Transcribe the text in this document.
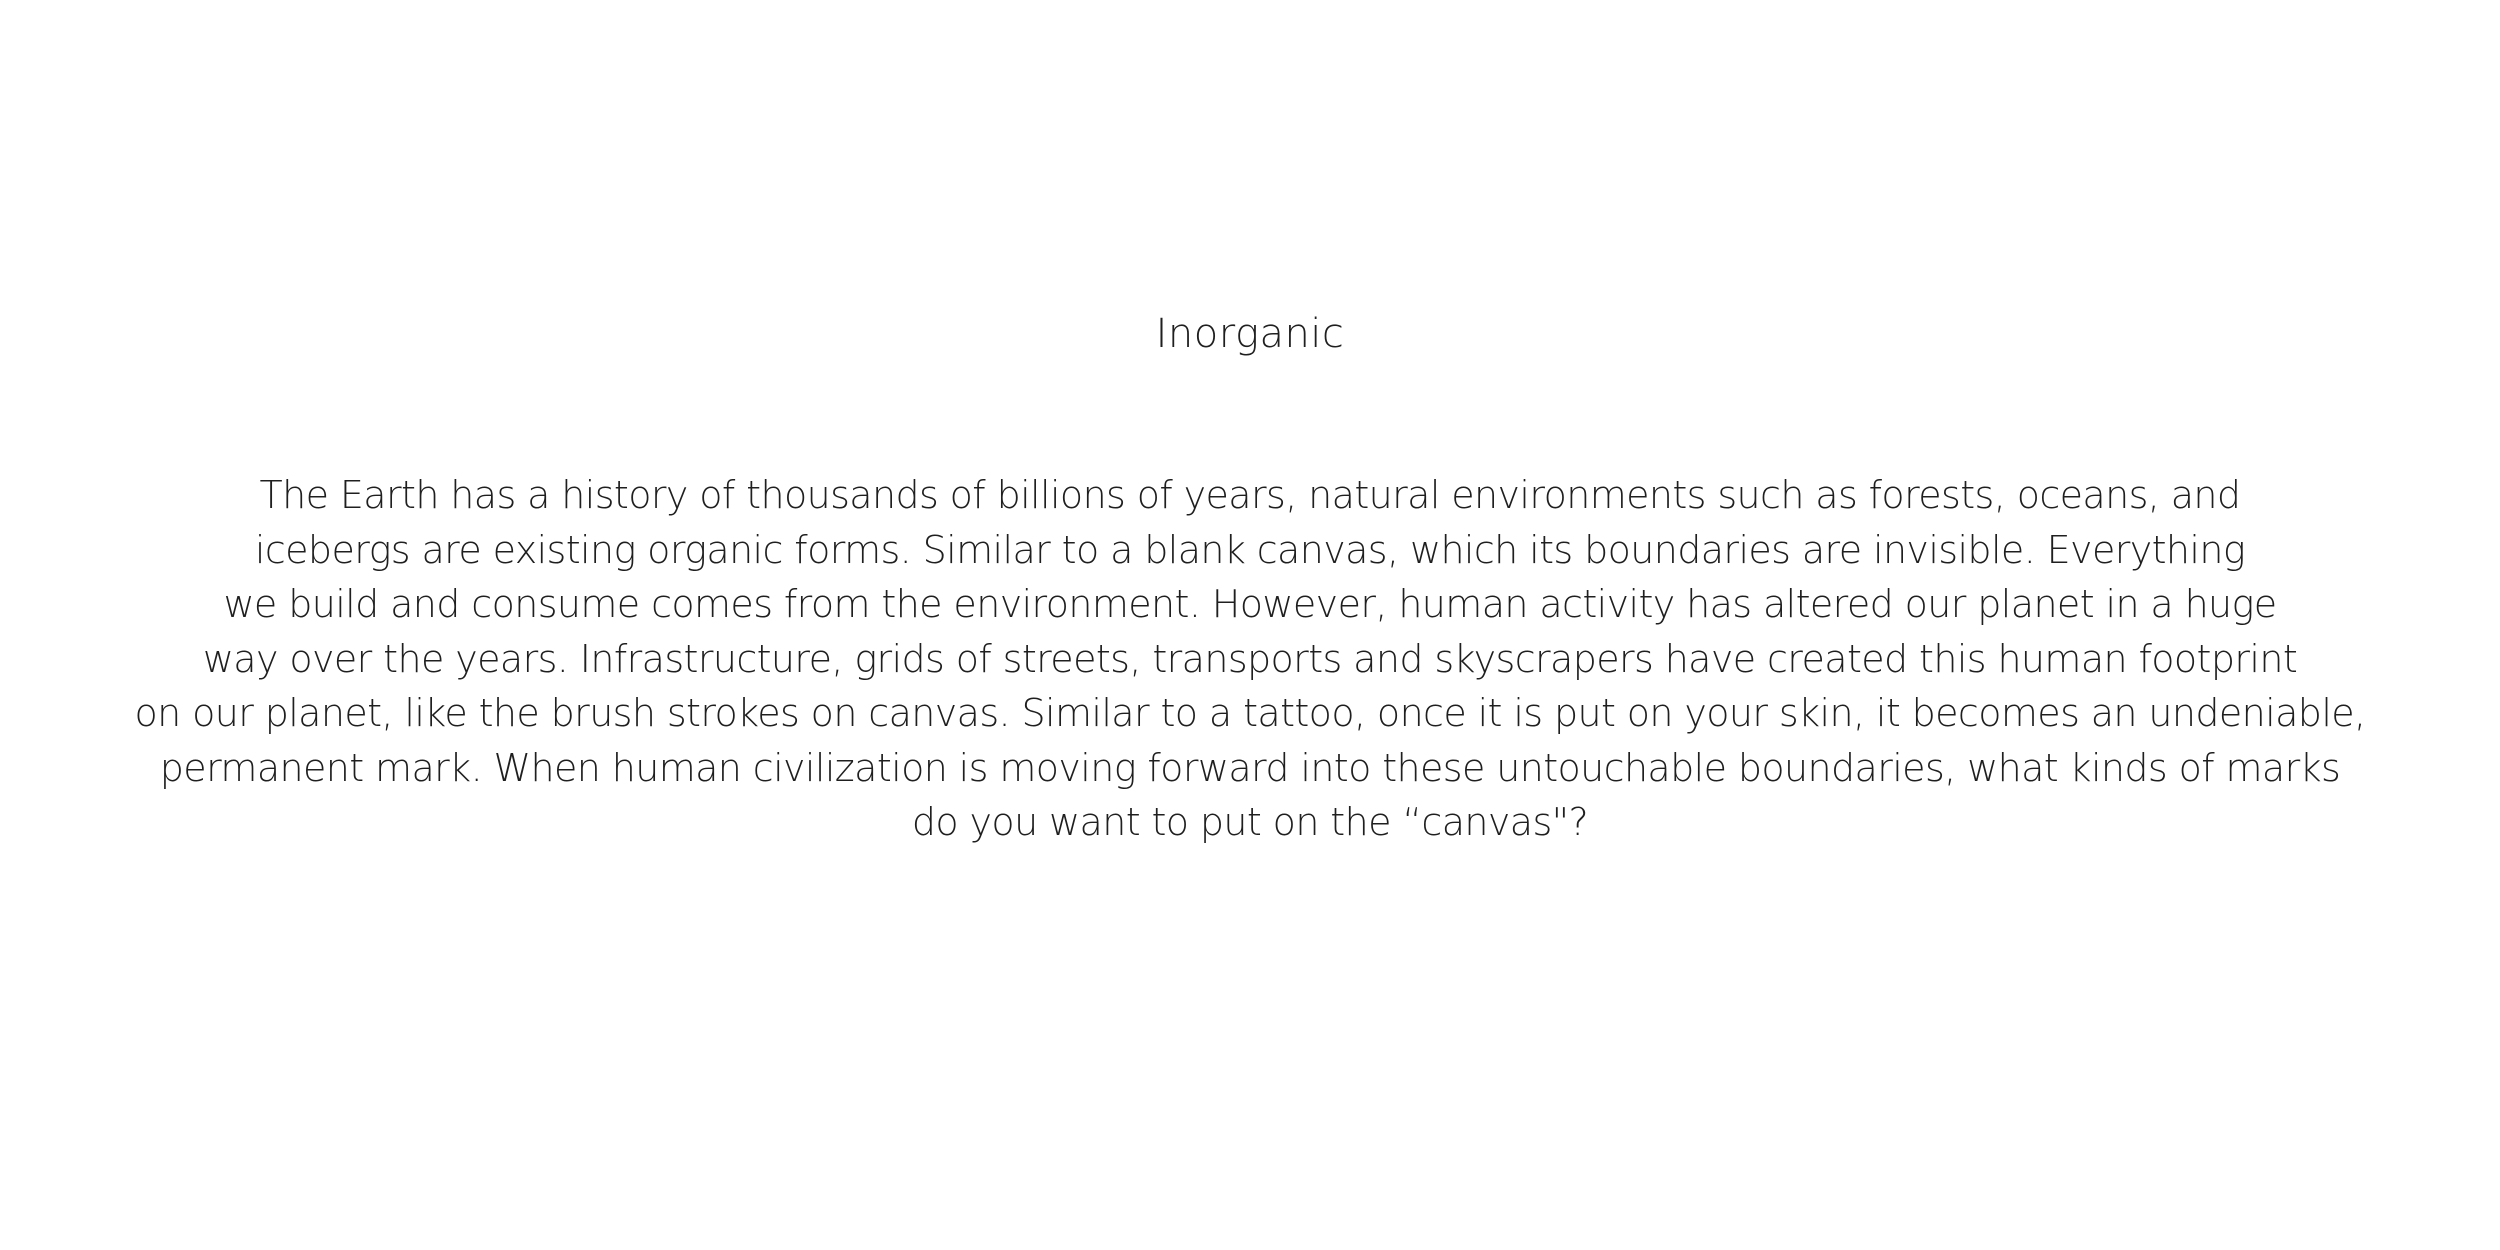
Inorganic
The Earth has a history of thousands of billions of years, natural environments such as forests, oceans, and
icebergs are existing organic forms. Similar to a blank canvas, which its boundaries are invisible. Everything
we build and consume comes from the environment. However, human activity has altered our planet in a huge
way over the years. Infrastructure, grids of streets, transports and skyscrapers have created this human footprint
on our planet, like the brush strokes on canvas. Similar to a tattoo, once it is put on your skin, it becomes an undeniable,
permanent mark. When human civilization is moving forward into these untouchable boundaries, what kinds of marks
do you want to put on the “canvas"?
